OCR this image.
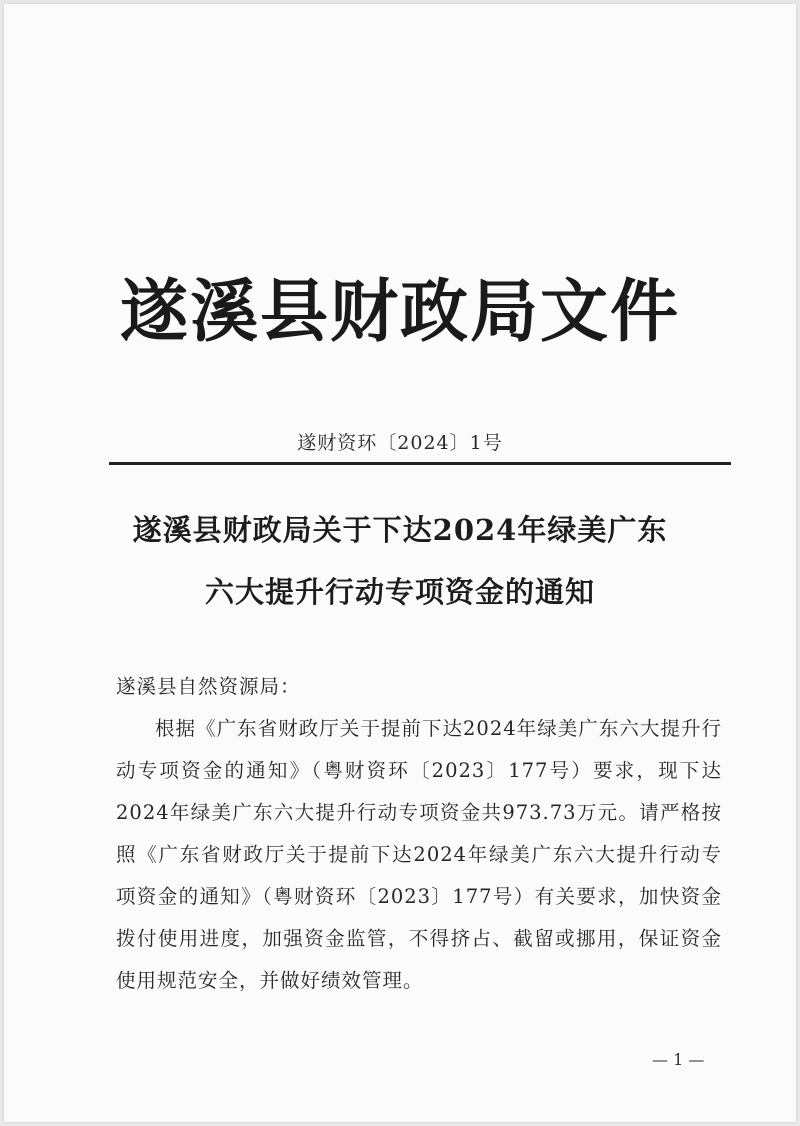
遂溪县财政局文件
遂财资环〔2024〕1号
遂溪县财政局关于下达2024年绿美广东
六大提升行动专项资金的通知
遂溪县自然资源局：
根据《广东省财政厅关于提前下达2024年绿美广东六大提升行动专项资金的通知》（粤财资环〔2023〕177号）要求，现下达2024年绿美广东六大提升行动专项资金共973.73万元。请严格按照《广东省财政厅关于提前下达2024年绿美广东六大提升行动专项资金的通知》（粤财资环〔2023〕177号）有关要求，加快资金拨付使用进度，加强资金监管，不得挤占、截留或挪用，保证资金使用规范安全，并做好绩效管理。
— 1 —
